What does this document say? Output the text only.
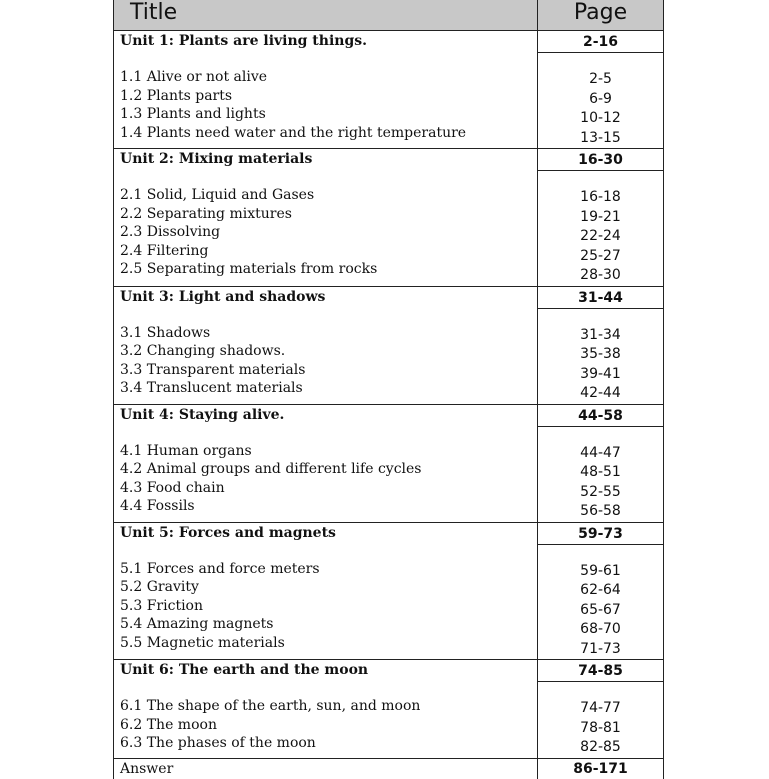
Title	Page
Unit 1: Plants are living things.
1.1 Alive or not alive
1.2 Plants parts
1.3 Plants and lights
1.4 Plants need water and the right temperature
2-16
2-5
6-9
10-12
13-15
Unit 2: Mixing materials
2.1 Solid, Liquid and Gases
2.2 Separating mixtures
2.3 Dissolving
2.4 Filtering
2.5 Separating materials from rocks
16-30
16-18
19-21
22-24
25-27
28-30
Unit 3: Light and shadows
3.1 Shadows
3.2 Changing shadows.
3.3 Transparent materials
3.4 Translucent materials
31-44
31-34
35-38
39-41
42-44
Unit 4: Staying alive.
4.1 Human organs
4.2 Animal groups and different life cycles
4.3 Food chain
4.4 Fossils
44-58
44-47
48-51
52-55
56-58
Unit 5: Forces and magnets
5.1 Forces and force meters
5.2 Gravity
5.3 Friction
5.4 Amazing magnets
5.5 Magnetic materials
59-73
59-61
62-64
65-67
68-70
71-73
Unit 6: The earth and the moon
6.1 The shape of the earth, sun, and moon
6.2 The moon
6.3 The phases of the moon
74-85
74-77
78-81
82-85
Answer	86-171
